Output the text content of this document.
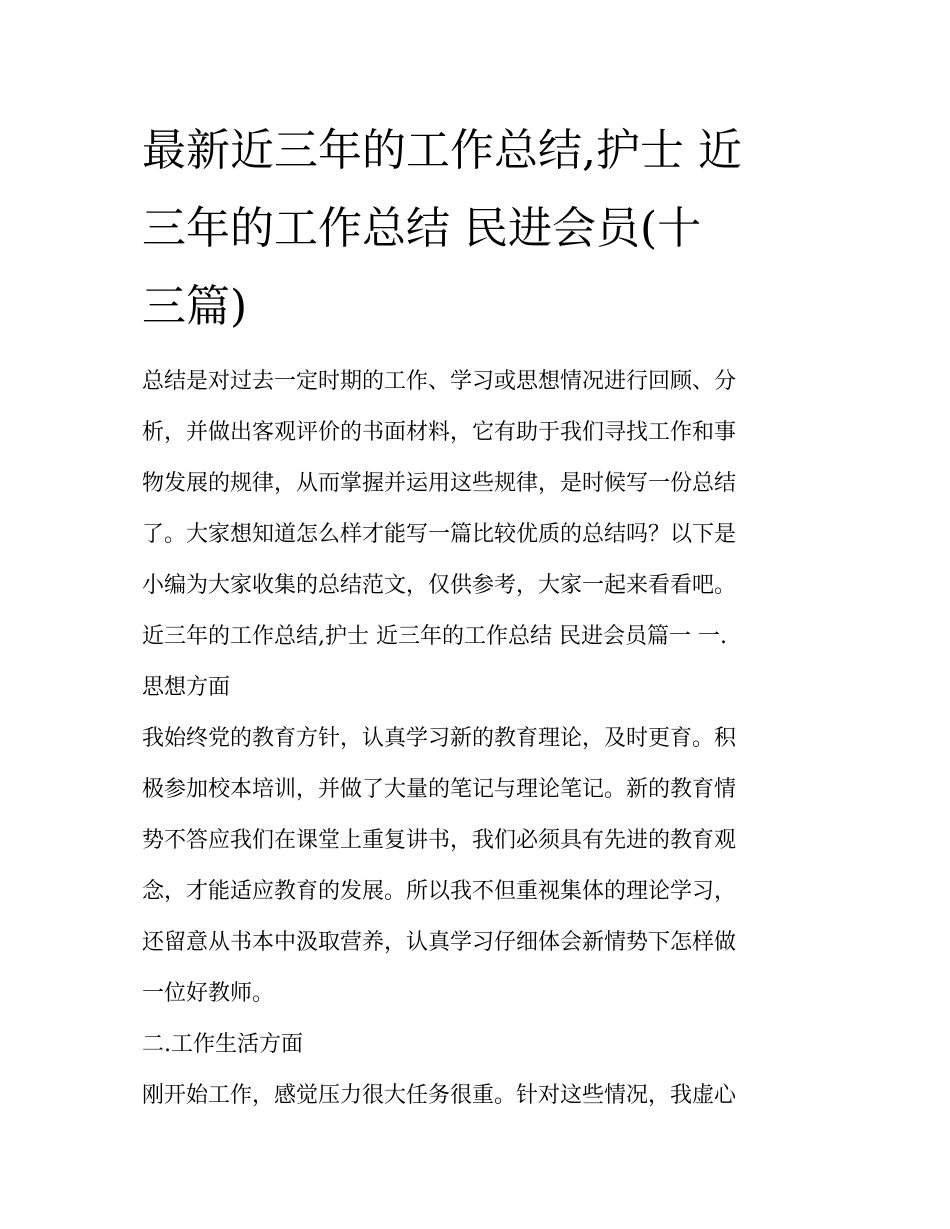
最新近三年的工作总结,护士 近
三年的工作总结 民进会员(十
三篇)
总结是对过去一定时期的工作、学习或思想情况进行回顾、分
析，并做出客观评价的书面材料，它有助于我们寻找工作和事
物发展的规律，从而掌握并运用这些规律，是时候写一份总结
了。大家想知道怎么样才能写一篇比较优质的总结吗？以下是
小编为大家收集的总结范文，仅供参考，大家一起来看看吧。
近三年的工作总结,护士 近三年的工作总结 民进会员篇一 一.
思想方面
我始终党的教育方针，认真学习新的教育理论，及时更育。积
极参加校本培训，并做了大量的笔记与理论笔记。新的教育情
势不答应我们在课堂上重复讲书，我们必须具有先进的教育观
念，才能适应教育的发展。所以我不但重视集体的理论学习，
还留意从书本中汲取营养，认真学习仔细体会新情势下怎样做
一位好教师。
二.工作生活方面
刚开始工作，感觉压力很大任务很重。针对这些情况，我虚心
